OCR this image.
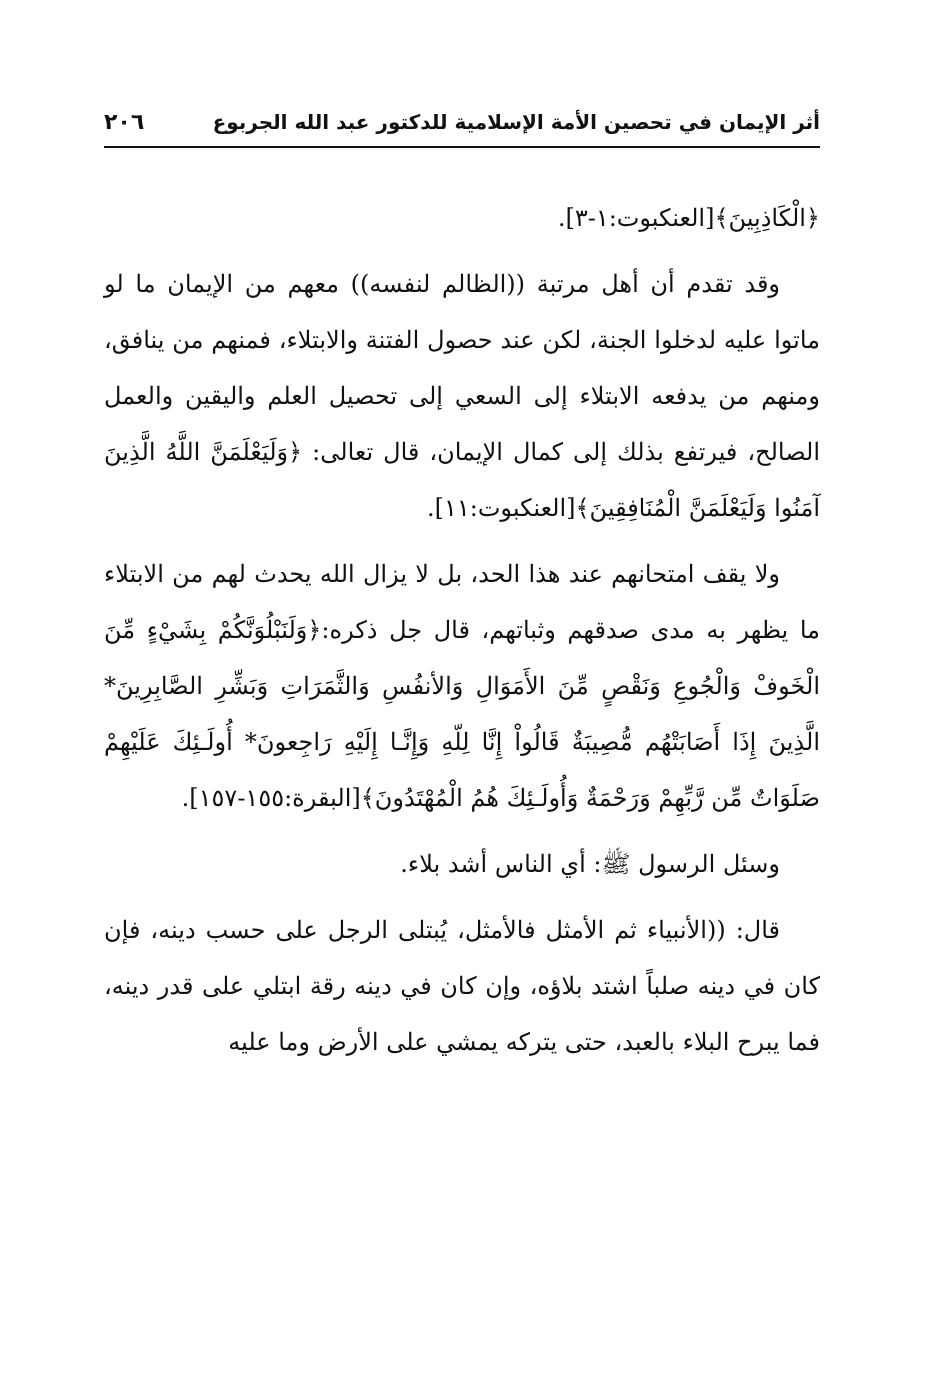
أثر الإيمان في تحصين الأمة الإسلامية للدكتور عبد الله الجربوع
٢٠٦

﴿الْكَاذِبِينَ﴾[العنكبوت:١-٣].

وقد تقدم أن أهل مرتبة ((الظالم لنفسه)) معهم من الإيمان ما لو ماتوا عليه لدخلوا الجنة، لكن عند حصول الفتنة والابتلاء، فمنهم من ينافق، ومنهم من يدفعه الابتلاء إلى السعي إلى تحصيل العلم واليقين والعمل الصالح، فيرتفع بذلك إلى كمال الإيمان، قال تعالى: ﴿وَلَيَعْلَمَنَّ اللَّهُ الَّذِينَ آمَنُوا وَلَيَعْلَمَنَّ الْمُنَافِقِينَ﴾[العنكبوت:١١].

ولا يقف امتحانهم عند هذا الحد، بل لا يزال الله يحدث لهم من الابتلاء ما يظهر به مدى صدقهم وثباتهم، قال جل ذكره:﴿وَلَنَبْلُوَنَّكُمْ بِشَيْءٍ مِّنَ الْخَوفْ وَالْجُوعِ وَنَقْصٍ مِّنَ الأَمَوَالِ وَالأنفُسِ وَالثَّمَرَاتِ وَبَشِّرِ الصَّابِرِينَ* الَّذِينَ إِذَا أَصَابَتْهُم مُّصِيبَةٌ قَالُواْ إِنَّا لِلّهِ وَإِنَّـا إِلَيْهِ رَاجِعونَ* أُولَـئِكَ عَلَيْهِمْ صَلَوَاتٌ مِّن رَّبِّهِمْ وَرَحْمَةٌ وَأُولَـئِكَ هُمُ الْمُهْتَدُونَ﴾[البقرة:١٥٥-١٥٧].

وسئل الرسول ﷺ: أي الناس أشد بلاء.

قال: ((الأنبياء ثم الأمثل فالأمثل، يُبتلى الرجل على حسب دينه، فإن كان في دينه صلباً اشتد بلاؤه، وإن كان في دينه رقة ابتلي على قدر دينه، فما يبرح البلاء بالعبد، حتى يتركه يمشي على الأرض وما عليه
